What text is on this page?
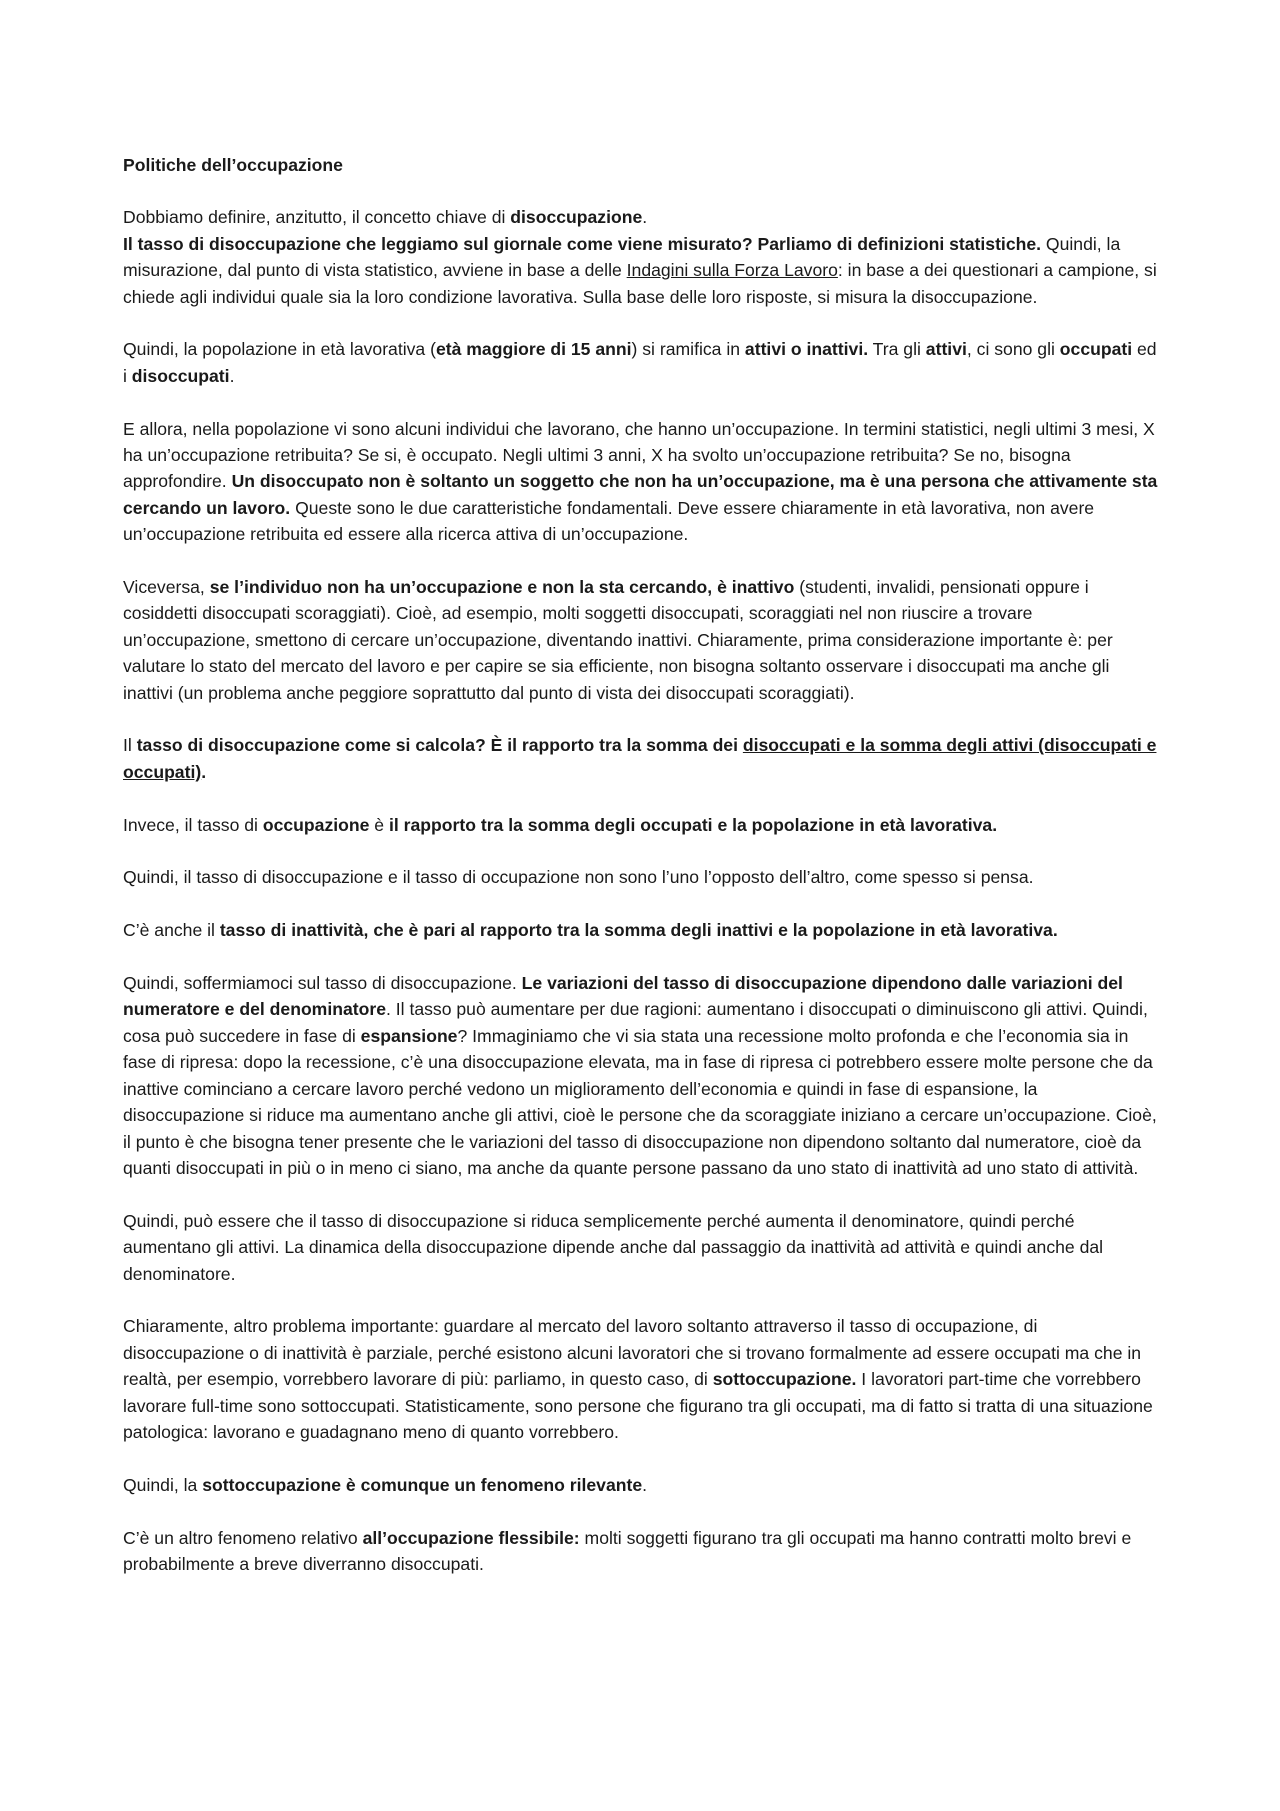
Politiche dell’occupazione

Dobbiamo definire, anzitutto, il concetto chiave di disoccupazione.

Il tasso di disoccupazione che leggiamo sul giornale come viene misurato? Parliamo di definizioni statistiche. Quindi, la misurazione, dal punto di vista statistico, avviene in base a delle Indagini sulla Forza Lavoro: in base a dei questionari a campione, si chiede agli individui quale sia la loro condizione lavorativa. Sulla base delle loro risposte, si misura la disoccupazione.

Quindi, la popolazione in età lavorativa (età maggiore di 15 anni) si ramifica in attivi o inattivi. Tra gli attivi, ci sono gli occupati ed i disoccupati.

E allora, nella popolazione vi sono alcuni individui che lavorano, che hanno un’occupazione. In termini statistici, negli ultimi 3 mesi, X ha un’occupazione retribuita? Se si, è occupato. Negli ultimi 3 anni, X ha svolto un’occupazione retribuita? Se no, bisogna approfondire. Un disoccupato non è soltanto un soggetto che non ha un’occupazione, ma è una persona che attivamente sta cercando un lavoro. Queste sono le due caratteristiche fondamentali. Deve essere chiaramente in età lavorativa, non avere un’occupazione retribuita ed essere alla ricerca attiva di un’occupazione.

Viceversa, se l’individuo non ha un’occupazione e non la sta cercando, è inattivo (studenti, invalidi, pensionati oppure i cosiddetti disoccupati scoraggiati). Cioè, ad esempio, molti soggetti disoccupati, scoraggiati nel non riuscire a trovare un’occupazione, smettono di cercare un’occupazione, diventando inattivi. Chiaramente, prima considerazione importante è: per valutare lo stato del mercato del lavoro e per capire se sia efficiente, non bisogna soltanto osservare i disoccupati ma anche gli inattivi (un problema anche peggiore soprattutto dal punto di vista dei disoccupati scoraggiati).

Il tasso di disoccupazione come si calcola? È il rapporto tra la somma dei disoccupati e la somma degli attivi (disoccupati e occupati).

Invece, il tasso di occupazione è il rapporto tra la somma degli occupati e la popolazione in età lavorativa.

Quindi, il tasso di disoccupazione e il tasso di occupazione non sono l’uno l’opposto dell’altro, come spesso si pensa.

C’è anche il tasso di inattività, che è pari al rapporto tra la somma degli inattivi e la popolazione in età lavorativa.

Quindi, soffermiamoci sul tasso di disoccupazione. Le variazioni del tasso di disoccupazione dipendono dalle variazioni del numeratore e del denominatore. Il tasso può aumentare per due ragioni: aumentano i disoccupati o diminuiscono gli attivi. Quindi, cosa può succedere in fase di espansione? Immaginiamo che vi sia stata una recessione molto profonda e che l’economia sia in fase di ripresa: dopo la recessione, c’è una disoccupazione elevata, ma in fase di ripresa ci potrebbero essere molte persone che da inattive cominciano a cercare lavoro perché vedono un miglioramento dell’economia e quindi in fase di espansione, la disoccupazione si riduce ma aumentano anche gli attivi, cioè le persone che da scoraggiate iniziano a cercare un’occupazione. Cioè, il punto è che bisogna tener presente che le variazioni del tasso di disoccupazione non dipendono soltanto dal numeratore, cioè da quanti disoccupati in più o in meno ci siano, ma anche da quante persone passano da uno stato di inattività ad uno stato di attività.

Quindi, può essere che il tasso di disoccupazione si riduca semplicemente perché aumenta il denominatore, quindi perché aumentano gli attivi. La dinamica della disoccupazione dipende anche dal passaggio da inattività ad attività e quindi anche dal denominatore.

Chiaramente, altro problema importante: guardare al mercato del lavoro soltanto attraverso il tasso di occupazione, di disoccupazione o di inattività è parziale, perché esistono alcuni lavoratori che si trovano formalmente ad essere occupati ma che in realtà, per esempio, vorrebbero lavorare di più: parliamo, in questo caso, di sottoccupazione. I lavoratori part-time che vorrebbero lavorare full-time sono sottoccupati. Statisticamente, sono persone che figurano tra gli occupati, ma di fatto si tratta di una situazione patologica: lavorano e guadagnano meno di quanto vorrebbero.

Quindi, la sottoccupazione è comunque un fenomeno rilevante.

C’è un altro fenomeno relativo all’occupazione flessibile: molti soggetti figurano tra gli occupati ma hanno contratti molto brevi e probabilmente a breve diverranno disoccupati.
